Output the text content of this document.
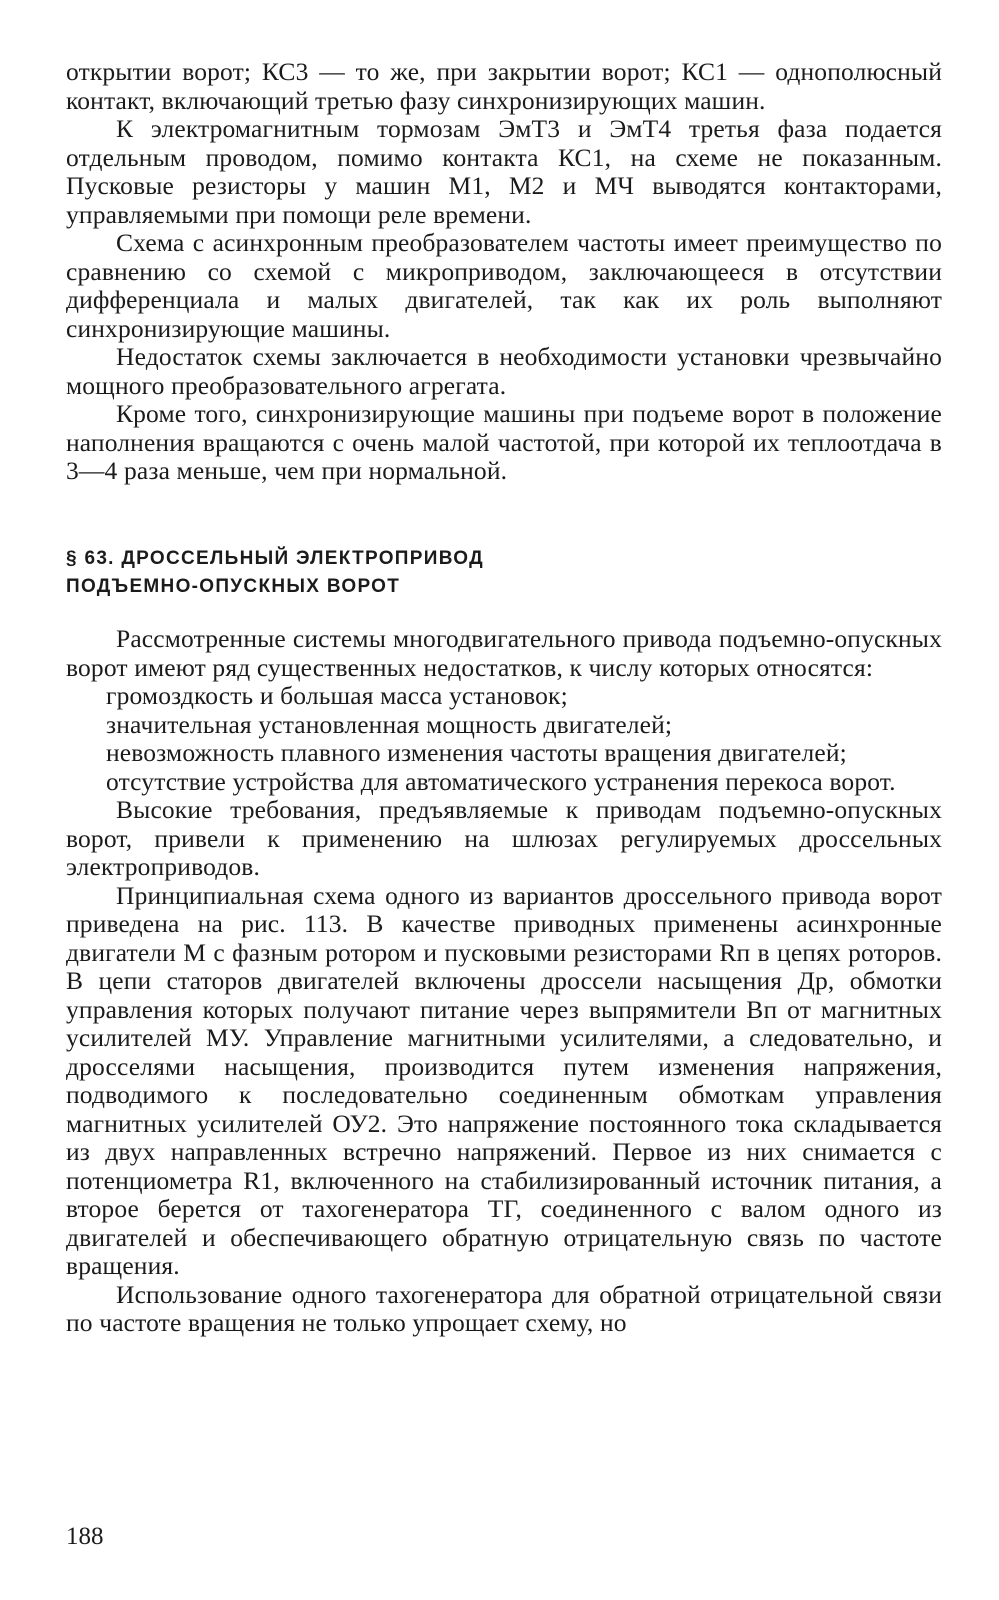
открытии ворот; КС3 — то же, при закрытии ворот; КС1 — однополюсный контакт, включающий третью фазу синхронизирующих машин.

К электромагнитным тормозам ЭмТ3 и ЭмТ4 третья фаза подается отдельным проводом, помимо контакта КС1, на схеме не показанным. Пусковые резисторы у машин М1, М2 и МЧ выводятся контакторами, управляемыми при помощи реле времени.

Схема с асинхронным преобразователем частоты имеет преимущество по сравнению со схемой с микроприводом, заключающееся в отсутствии дифференциала и малых двигателей, так как их роль выполняют синхронизирующие машины.

Недостаток схемы заключается в необходимости установки чрезвычайно мощного преобразовательного агрегата.

Кроме того, синхронизирующие машины при подъеме ворот в положение наполнения вращаются с очень малой частотой, при которой их теплоотдача в 3—4 раза меньше, чем при нормальной.

§ 63. ДРОССЕЛЬНЫЙ ЭЛЕКТРОПРИВОД
ПОДЪЕМНО-ОПУСКНЫХ ВОРОТ

Рассмотренные системы многодвигательного привода подъемно-опускных ворот имеют ряд существенных недостатков, к числу которых относятся:

громоздкость и большая масса установок;

значительная установленная мощность двигателей;

невозможность плавного изменения частоты вращения двигателей;

отсутствие устройства для автоматического устранения перекоса ворот.

Высокие требования, предъявляемые к приводам подъемно-опускных ворот, привели к применению на шлюзах регулируемых дроссельных электроприводов.

Принципиальная схема одного из вариантов дроссельного привода ворот приведена на рис. 113. В качестве приводных применены асинхронные двигатели М с фазным ротором и пусковыми резисторами Rп в цепях роторов. В цепи статоров двигателей включены дроссели насыщения Др, обмотки управления которых получают питание через выпрямители Вп от магнитных усилителей МУ. Управление магнитными усилителями, а следовательно, и дросселями насыщения, производится путем изменения напряжения, подводимого к последовательно соединенным обмоткам управления магнитных усилителей ОУ2. Это напряжение постоянного тока складывается из двух направленных встречно напряжений. Первое из них снимается с потенциометра R1, включенного на стабилизированный источник питания, а второе берется от тахогенератора ТГ, соединенного с валом одного из двигателей и обеспечивающего обратную отрицательную связь по частоте вращения.

Использование одного тахогенератора для обратной отрицательной связи по частоте вращения не только упрощает схему, но

188
